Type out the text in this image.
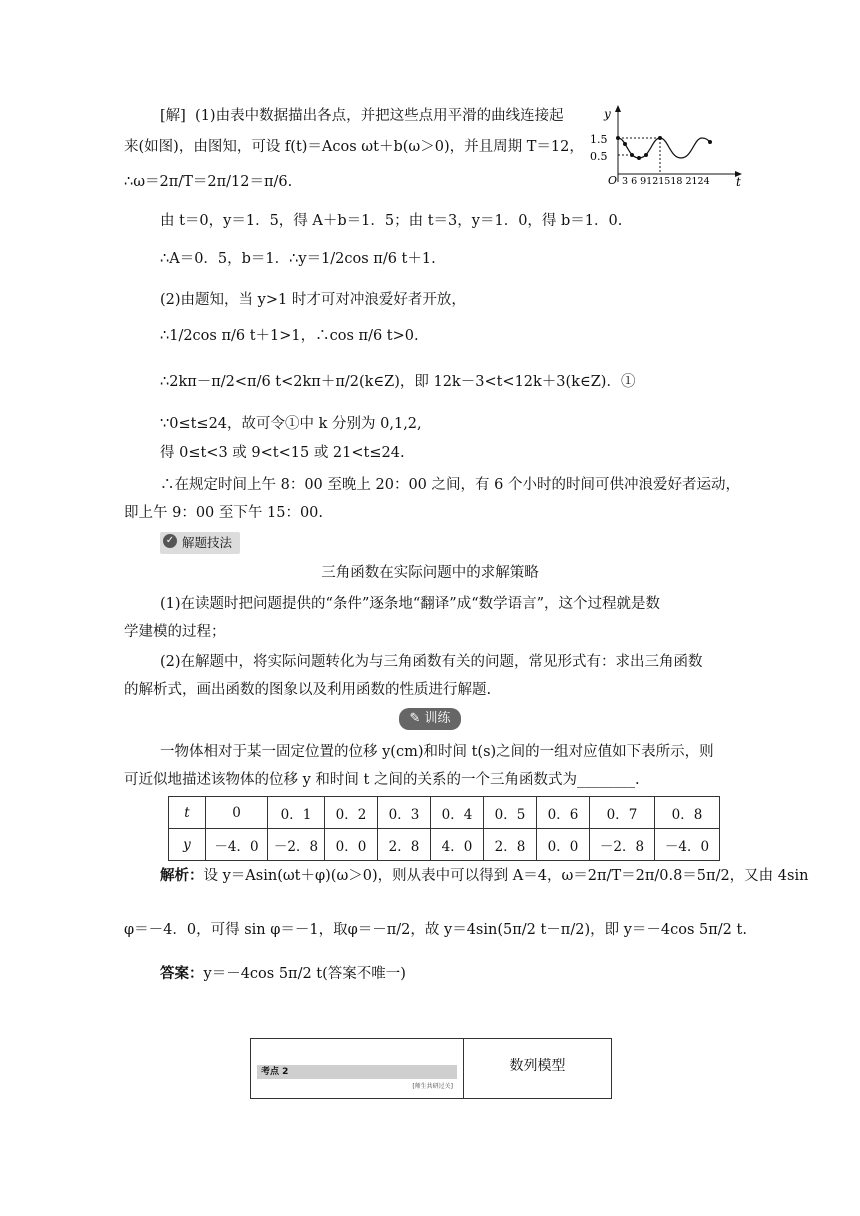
[解] (1)由表中数据描出各点，并把这些点用平滑的曲线连接起
来(如图)，由图知，可设 f(t)＝Acos ωt＋b(ω＞0)，并且周期 T＝12，
∴ω＝2π/T＝2π/12＝π/6.
由 t＝0，y＝1．5，得 A＋b＝1．5；由 t＝3，y＝1．0，得 b＝1．0.
∴A＝0．5，b＝1．∴y＝1/2cos π/6 t＋1.
(2)由题知，当 y>1 时才可对冲浪爱好者开放，
∴1/2cos π/6 t＋1>1，∴cos π/6 t>0.
∴2kπ－π/2<π/6 t<2kπ＋π/2(k∈Z)，即 12k－3<t<12k＋3(k∈Z)．①
∵0≤t≤24，故可令①中 k 分别为 0,1,2,
得 0≤t<3 或 9<t<15 或 21<t≤24.
∴在规定时间上午 8：00 至晚上 20：00 之间，有 6 个小时的时间可供冲浪爱好者运动，
即上午 9：00 至下午 15：00.
y
t
O
1.5
0.5
3 6 9121518 2124
✓ 解题技法
三角函数在实际问题中的求解策略
(1)在读题时把问题提供的“条件”逐条地“翻译”成“数学语言”，这个过程就是数
学建模的过程；
(2)在解题中，将实际问题转化为与三角函数有关的问题，常见形式有：求出三角函数
的解析式，画出函数的图象以及利用函数的性质进行解题.
✎ 训练
一物体相对于某一固定位置的位移 y(cm)和时间 t(s)之间的一组对应值如下表所示，则
可近似地描述该物体的位移 y 和时间 t 之间的关系的一个三角函数式为________.
t	0	0．1	0．2	0．3	0．4	0．5	0．6	0．7	0．8
y	－4．0	－2．8	0．0	2．8	4．0	2．8	0．0	－2．8	－4．0
解析：设 y＝Asin(ωt＋φ)(ω＞0)，则从表中可以得到 A＝4，ω＝2π/T＝2π/0.8＝5π/2，又由 4sin
φ＝－4．0，可得 sin φ＝－1，取φ＝－π/2，故 y＝4sin(5π/2 t－π/2)，即 y＝－4cos 5π/2 t.
答案：y＝－4cos 5π/2 t(答案不唯一)
考点 2
[师生共研过关]
数列模型
